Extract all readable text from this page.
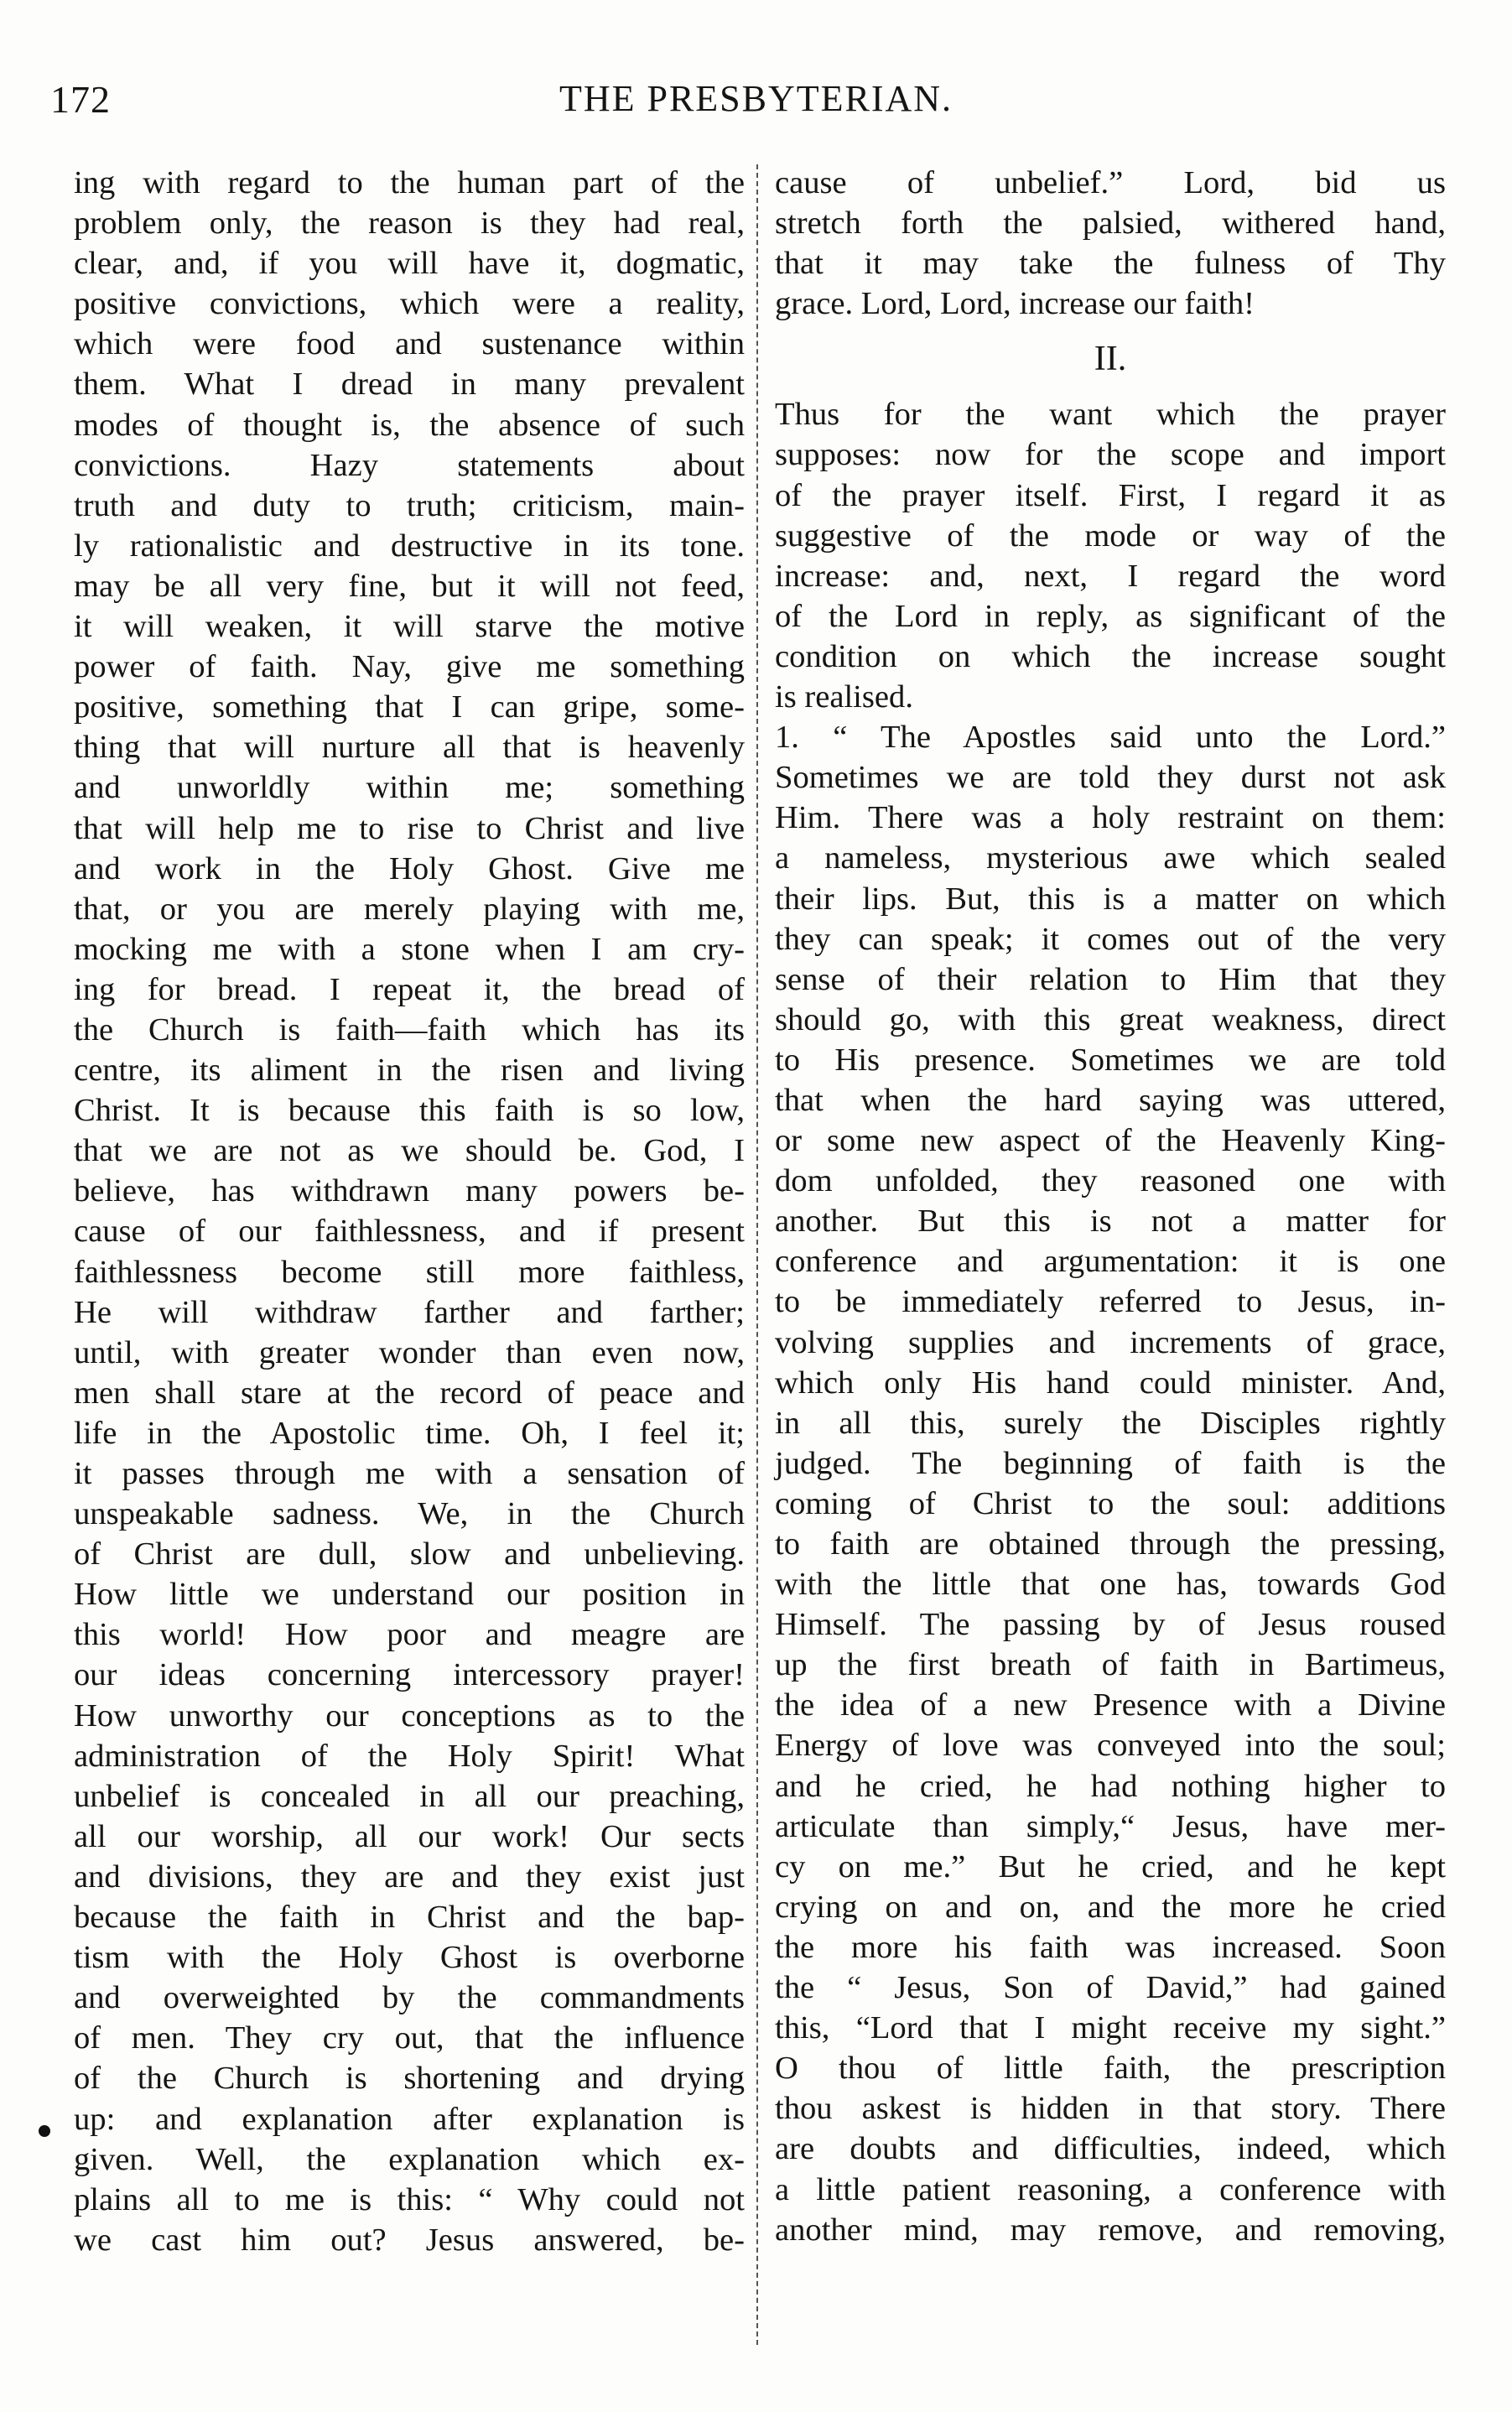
172	THE PRESBYTERIAN.
ing with regard to the human part of the
problem only, the reason is they had real,
clear, and, if you will have it, dogmatic,
positive convictions, which were a reality,
which were food and sustenance within
them. What I dread in many prevalent
modes of thought is, the absence of such
convictions. Hazy statements about
truth and duty to truth; criticism, main-
ly rationalistic and destructive in its tone.
may be all very fine, but it will not feed,
it will weaken, it will starve the motive
power of faith. Nay, give me something
positive, something that I can gripe, some-
thing that will nurture all that is heavenly
and unworldly within me; something
that will help me to rise to Christ and live
and work in the Holy Ghost. Give me
that, or you are merely playing with me,
mocking me with a stone when I am cry-
ing for bread. I repeat it, the bread of
the Church is faith—faith which has its
centre, its aliment in the risen and living
Christ. It is because this faith is so low,
that we are not as we should be. God, I
believe, has withdrawn many powers be-
cause of our faithlessness, and if present
faithlessness become still more faithless,
He will withdraw farther and farther;
until, with greater wonder than even now,
men shall stare at the record of peace and
life in the Apostolic time. Oh, I feel it;
it passes through me with a sensation of
unspeakable sadness. We, in the Church
of Christ are dull, slow and unbelieving.
How little we understand our position in
this world! How poor and meagre are
our ideas concerning intercessory prayer!
How unworthy our conceptions as to the
administration of the Holy Spirit! What
unbelief is concealed in all our preaching,
all our worship, all our work! Our sects
and divisions, they are and they exist just
because the faith in Christ and the bap-
tism with the Holy Ghost is overborne
and overweighted by the commandments
of men. They cry out, that the influence
of the Church is shortening and drying
up: and explanation after explanation is
given. Well, the explanation which ex-
plains all to me is this: “ Why could not
we cast him out? Jesus answered, be-
cause of unbelief.” Lord, bid us
stretch forth the palsied, withered hand,
that it may take the fulness of Thy
grace. Lord, Lord, increase our faith!
II.
Thus for the want which the prayer
supposes: now for the scope and import
of the prayer itself. First, I regard it as
suggestive of the mode or way of the
increase: and, next, I regard the word
of the Lord in reply, as significant of the
condition on which the increase sought
is realised.
1. “ The Apostles said unto the Lord.”
Sometimes we are told they durst not ask
Him. There was a holy restraint on them:
a nameless, mysterious awe which sealed
their lips. But, this is a matter on which
they can speak; it comes out of the very
sense of their relation to Him that they
should go, with this great weakness, direct
to His presence. Sometimes we are told
that when the hard saying was uttered,
or some new aspect of the Heavenly King-
dom unfolded, they reasoned one with
another. But this is not a matter for
conference and argumentation: it is one
to be immediately referred to Jesus, in-
volving supplies and increments of grace,
which only His hand could minister. And,
in all this, surely the Disciples rightly
judged. The beginning of faith is the
coming of Christ to the soul: additions
to faith are obtained through the pressing,
with the little that one has, towards God
Himself. The passing by of Jesus roused
up the first breath of faith in Bartimeus,
the idea of a new Presence with a Divine
Energy of love was conveyed into the soul;
and he cried, he had nothing higher to
articulate than simply,“ Jesus, have mer-
cy on me.” But he cried, and he kept
crying on and on, and the more he cried
the more his faith was increased. Soon
the “ Jesus, Son of David,” had gained
this, “Lord that I might receive my sight.”
O thou of little faith, the prescription
thou askest is hidden in that story. There
are doubts and difficulties, indeed, which
a little patient reasoning, a conference with
another mind, may remove, and removing,
